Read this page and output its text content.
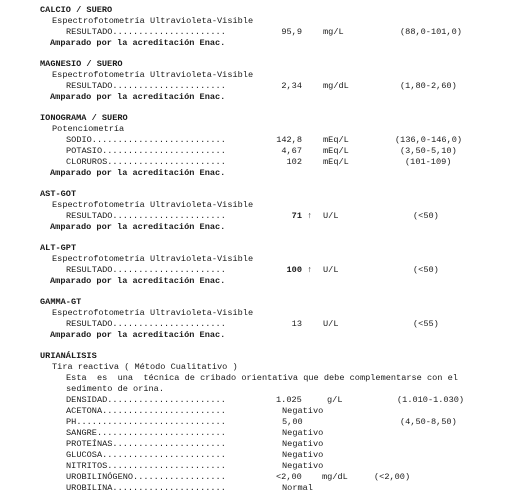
CALCIO / SUERO
Espectrofotometría Ultravioleta-Visible
RESULTADO......................	95,9 mg/L	(88,0-101,0)
Amparado por la acreditación Enac.
MAGNESIO / SUERO
Espectrofotometría Ultravioleta-Visible
RESULTADO......................	2,34 mg/dL	(1,80-2,60)
Amparado por la acreditación Enac.
IONOGRAMA / SUERO
Potenciometría
SODIO..........................	142,8 mEq/L	(136,0-146,0)
POTASIO........................	4,67 mEq/L	(3,50-5,10)
CLORUROS.......................	102 mEq/L	(101-109)
Amparado por la acreditación Enac.
AST-GOT
Espectrofotometría Ultravioleta-Visible
RESULTADO......................	71 ↑ U/L	(<50)
Amparado por la acreditación Enac.
ALT-GPT
Espectrofotometría Ultravioleta-Visible
RESULTADO......................	100 ↑ U/L	(<50)
Amparado por la acreditación Enac.
GAMMA-GT
Espectrofotometría Ultravioleta-Visible
RESULTADO......................	13 U/L	(<55)
Amparado por la acreditación Enac.
URIANÁLISIS
Tira reactiva ( Método Cualitativo )
Esta  es  una  técnica de cribado orientativa que debe complementarse con el
sedimento de orina.
DENSIDAD.......................	1.025	g/L	(1.010-1.030)
ACETONA........................	Negativo
PH.............................	5,00	(4,50-8,50)
SANGRE.........................	Negativo
PROTEÍNAS......................	Negativo
GLUCOSA........................	Negativo
NITRITOS.......................	Negativo
UROBILINÓGENO..................	<2,00 mg/dL	(<2,00)
UROBILINA......................	Normal
